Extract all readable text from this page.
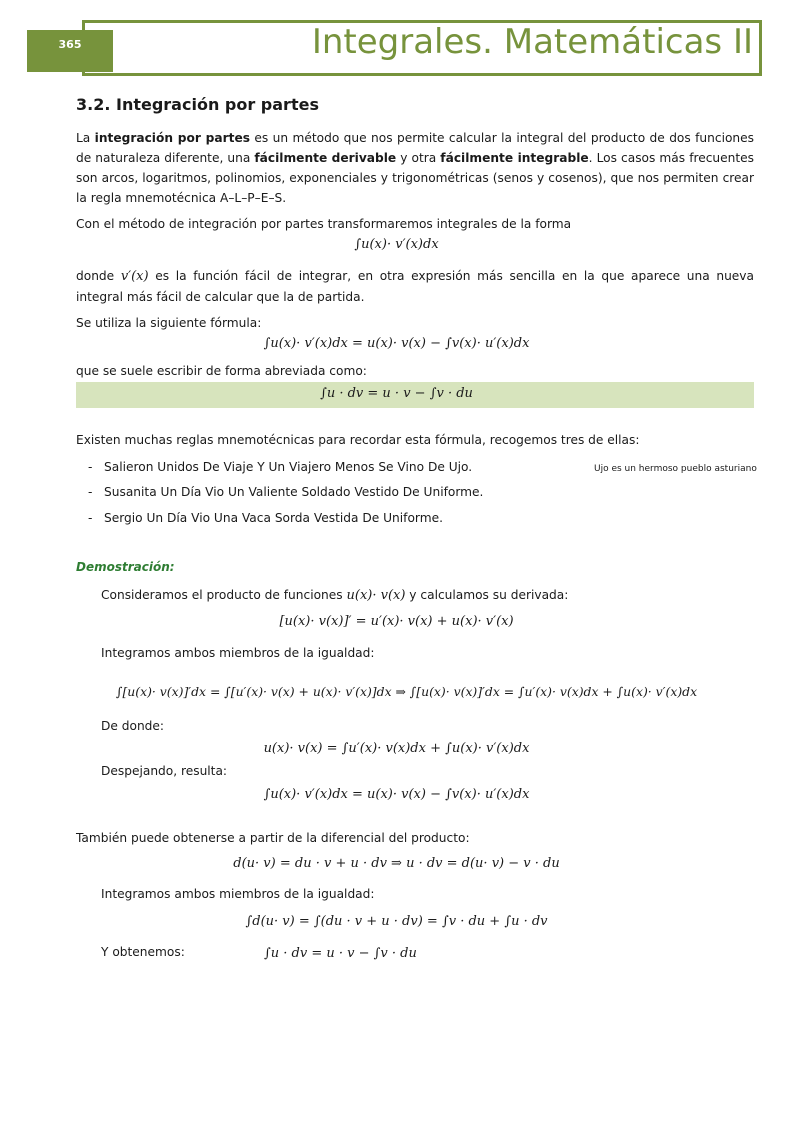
365	Integrales. Matemáticas II
3.2. Integración por partes
La integración por partes es un método que nos permite calcular la integral del producto de dos funciones de naturaleza diferente, una fácilmente derivable y otra fácilmente integrable. Los casos más frecuentes son arcos, logaritmos, polinomios, exponenciales y trigonométricas (senos y cosenos), que nos permiten crear la regla mnemotécnica A–L–P–E–S.
Con el método de integración por partes transformaremos integrales de la forma
∫u(x)· v′(x)dx
donde v′(x) es la función fácil de integrar, en otra expresión más sencilla en la que aparece una nueva integral más fácil de calcular que la de partida.
Se utiliza la siguiente fórmula:
∫u(x)· v′(x)dx = u(x)· v(x) − ∫v(x)· u′(x)dx
que se suele escribir de forma abreviada como:
∫u · dv = u · v − ∫v · du
Existen muchas reglas mnemotécnicas para recordar esta fórmula, recogemos tres de ellas:
-   Salieron Unidos De Viaje Y Un Viajero Menos Se Vino De Ujo.	Ujo es un hermoso pueblo asturiano
-   Susanita Un Día Vio Un Valiente Soldado Vestido De Uniforme.
-   Sergio Un Día Vio Una Vaca Sorda Vestida De Uniforme.
Demostración:
Consideramos el producto de funciones u(x)· v(x) y calculamos su derivada:
[u(x)· v(x)]′ = u′(x)· v(x) + u(x)· v′(x)
Integramos ambos miembros de la igualdad:
∫[u(x)· v(x)]′dx = ∫[u′(x)· v(x) + u(x)· v′(x)]dx ⇒ ∫[u(x)· v(x)]′dx = ∫u′(x)· v(x)dx + ∫u(x)· v′(x)dx
De donde:
u(x)· v(x) = ∫u′(x)· v(x)dx + ∫u(x)· v′(x)dx
Despejando, resulta:
∫u(x)· v′(x)dx = u(x)· v(x) − ∫v(x)· u′(x)dx
También puede obtenerse a partir de la diferencial del producto:
d(u· v) = du · v + u · dv ⇒ u · dv = d(u· v) − v · du
Integramos ambos miembros de la igualdad:
∫d(u· v) = ∫(du · v + u · dv) = ∫v · du + ∫u · dv
Y obtenemos:	∫u · dv = u · v − ∫v · du
